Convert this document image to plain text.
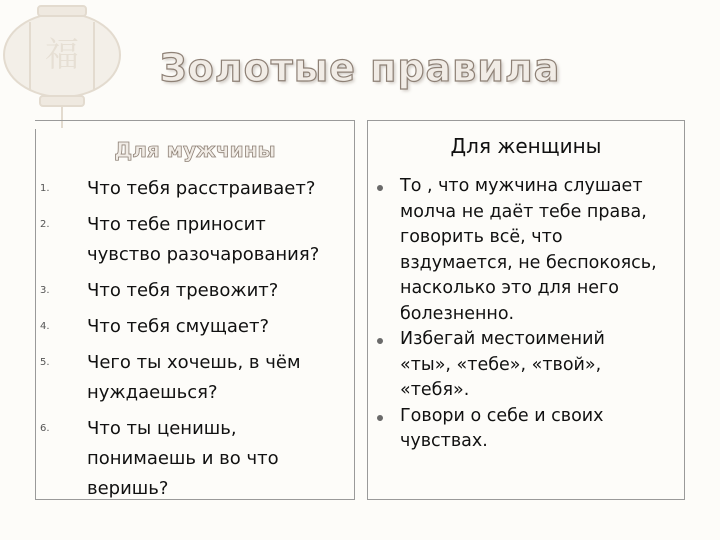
福	Золотые правила
Для мужчины	Для женщины
1.	Что тебя расстраивает?
2.	Что тебе приносит чувство разочарования?
3.	Что тебя тревожит?
4.	Что тебя смущает?
5.	Чего ты хочешь, в чём нуждаешься?
6.	Что ты ценишь, понимаешь и во что веришь?
То , что мужчина слушает молча не даёт тебе права, говорить всё, что вздумается, не беспокоясь, насколько это для него болезненно.
Избегай местоимений «ты», «тебе», «твой», «тебя».
Говори о себе и своих чувствах.
